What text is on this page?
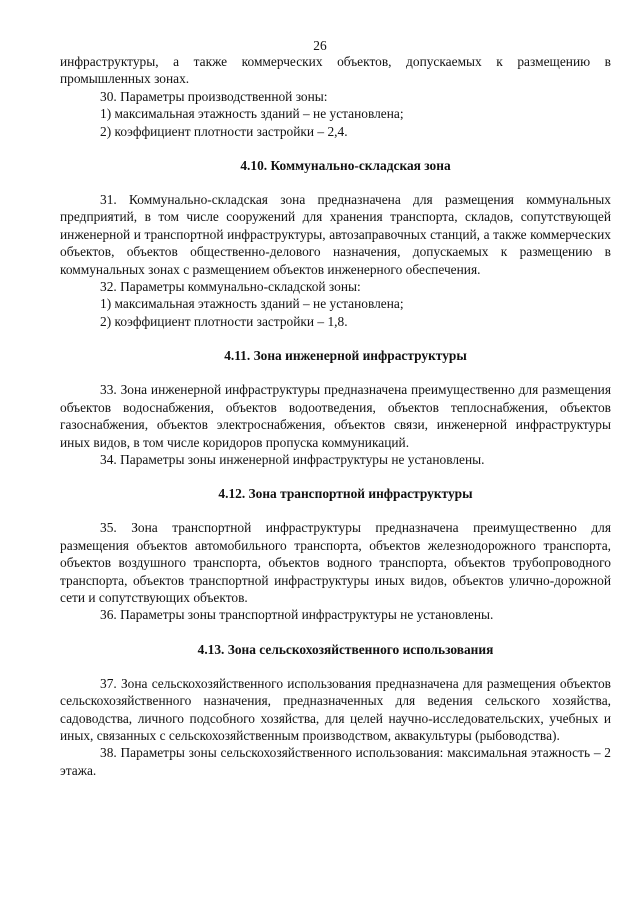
26

инфраструктуры, а также коммерческих объектов, допускаемых к размещению в промышленных зонах.

30. Параметры производственной зоны:

1) максимальная этажность зданий – не установлена;

2) коэффициент плотности застройки – 2,4.

4.10. Коммунально-складская зона

31. Коммунально-складская зона предназначена для размещения коммунальных предприятий, в том числе сооружений для хранения транспорта, складов, сопутствующей инженерной и транспортной инфраструктуры, автозаправочных станций, а также коммерческих объектов, объектов общественно-делового назначения, допускаемых к размещению в коммунальных зонах с размещением объектов инженерного обеспечения.

32. Параметры коммунально-складской зоны:

1) максимальная этажность зданий – не установлена;

2) коэффициент плотности застройки – 1,8.

4.11. Зона инженерной инфраструктуры

33. Зона инженерной инфраструктуры предназначена преимущественно для размещения объектов водоснабжения, объектов водоотведения, объектов теплоснабжения, объектов газоснабжения, объектов электроснабжения, объектов связи, инженерной инфраструктуры иных видов, в том числе коридоров пропуска коммуникаций.

34. Параметры зоны инженерной инфраструктуры не установлены.

4.12. Зона транспортной инфраструктуры

35. Зона транспортной инфраструктуры предназначена преимущественно для размещения объектов автомобильного транспорта, объектов железнодорожного транспорта, объектов воздушного транспорта, объектов водного транспорта, объектов трубопроводного транспорта, объектов транспортной инфраструктуры иных видов, объектов улично-дорожной сети и сопутствующих объектов.

36. Параметры зоны транспортной инфраструктуры не установлены.

4.13. Зона сельскохозяйственного использования

37. Зона сельскохозяйственного использования предназначена для размещения объектов сельскохозяйственного назначения, предназначенных для ведения сельского хозяйства, садоводства, личного подсобного хозяйства, для целей научно-исследовательских, учебных и иных, связанных с сельскохозяйственным производством, аквакультуры (рыбоводства).

38. Параметры зоны сельскохозяйственного использования: максимальная этажность – 2 этажа.
